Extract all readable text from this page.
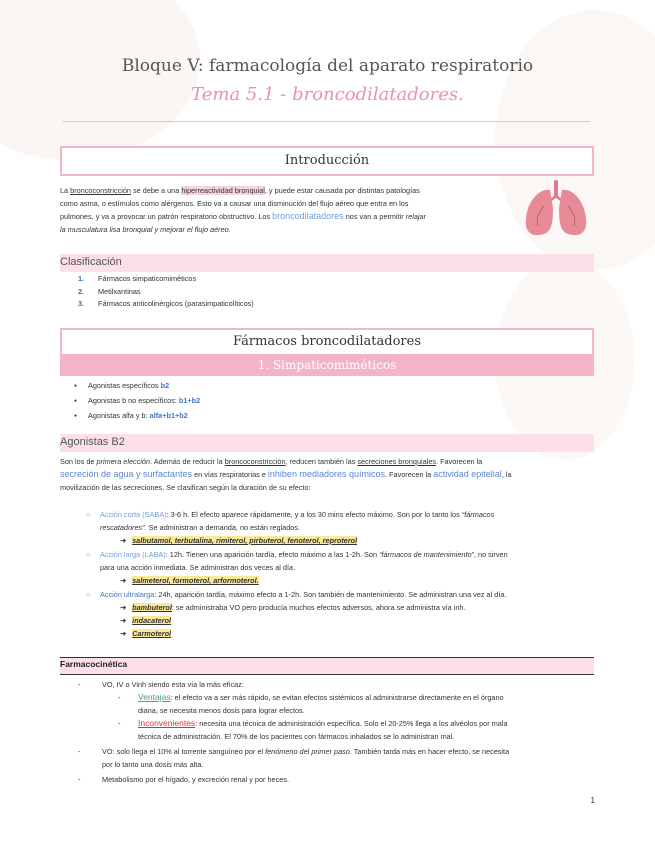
Bloque V: farmacología del aparato respiratorio
Tema 5.1 - broncodilatadores.
Introducción

La broncoconstricción se debe a una hiperreactividad bronquial, y puede estar causada por distintas patologías

como asma, o estímulos como alérgenos. Esto va a causar una disminución del flujo aéreo que entra en los

pulmones, y va a provocar un patrón respiratorio obstructivo. Los broncodilatadores nos van a permitir relajar

la musculatura lisa bronquial y mejorar el flujo aéreo.

Clasificación
1. Fármacos simpaticomiméticos
2. Metilxantinas
3. Fármacos anticolinérgicos (parasimpaticolíticos)
Fármacos broncodilatadores
1. Simpaticomiméticos
● Agonistas específicos b2
● Agonistas b no específicos: b1+b2
● Agonistas alfa y b: alfa+b1+b2
Agonistas B2

Son los de primera elección. Además de reducir la broncoconstricción, reducen también las secreciones bronquiales. Favorecen la

secreción de agua y surfactantes en vías respiratorias e inhiben mediadores químicos. Favorecen la actividad epitelial, la

movilización de las secreciones. Se clasifican según la duración de su efecto:

○ Acción corta (SABA): 3-6 h. El efecto aparece rápidamente, y a los 30 mins efecto máximo. Son por lo tanto los “fármacos

rescatadores”. Se administran a demanda, no están reglados.

➔ salbutamol, terbutalina, rimiterol, pirbuterol, fenoterol, reproterol

○ Acción larga (LABA): 12h. Tienen una aparición tardía, efecto máximo a las 1-2h. Son “fármacos de mantenimiento”, no sirven

para una acción inmediata. Se administran dos veces al día.

➔ salmeterol, formoterol, arformoterol.

○ Acción ultralarga: 24h, aparición tardía, máximo efecto a 1-2h. Son también de mantenimiento. Se administran una vez al día.

➔ bambuterol: se administraba VO pero producía muchos efectos adversos, ahora se administra vía inh.

➔ indacaterol

➔ Carmoterol

Farmacocinética

-	VO, IV o Vinh siendo esta vía la más eficaz:

- Ventajas: el efecto va a ser más rápido, se evitan efectos sistémicos al administrarse directamente en el órgano

diana, se necesita menos dosis para lograr efectos.

- Inconvenientes: necesita una técnica de administración específica. Solo el 20-25% llega a los alvéolos por mala

técnica de administración. El 70% de los pacientes con fármacos inhalados se lo administran mal.

-	VO: solo llega el 10% al torrente sanguíneo por el fenómeno del primer paso. También tarda más en hacer efecto, se necesita

por lo tanto una dosis más alta.

-	Metabolismo por el hígado, y excreción renal y por heces.

1
